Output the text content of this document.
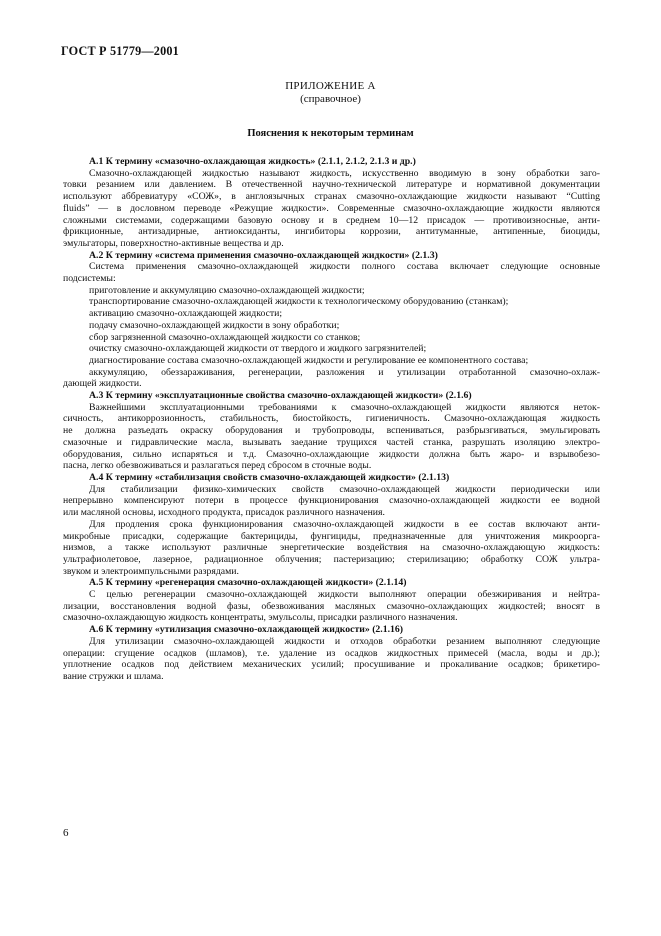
ГОСТ Р 51779—2001
ПРИЛОЖЕНИЕ А
(справочное)
Пояснения к некоторым терминам
А.1 К термину «смазочно-охлаждающая жидкость» (2.1.1, 2.1.2, 2.1.3 и др.)
Смазочно-охлаждающей жидкостью называют жидкость, искусственно вводимую в зону обработки заго-
товки резанием или давлением. В отечественной научно-технической литературе и нормативной документации
используют аббревиатуру «СОЖ», в англоязычных странах смазочно-охлаждающие жидкости называют “Cutting
fluids” — в дословном переводе «Режущие жидкости». Современные смазочно-охлаждающие жидкости являются
сложными системами, содержащими базовую основу и в среднем 10—12 присадок — противоизносные, анти-
фрикционные, антизадирные, антиоксиданты, ингибиторы коррозии, антитуманные, антипенные, биоциды,
эмульгаторы, поверхностно-активные вещества и др.
А.2 К термину «система применения смазочно-охлаждающей жидкости» (2.1.3)
Система применения смазочно-охлаждающей жидкости полного состава включает следующие основные
подсистемы:
приготовление и аккумуляцию смазочно-охлаждающей жидкости;
транспортирование смазочно-охлаждающей жидкости к технологическому оборудованию (станкам);
активацию смазочно-охлаждающей жидкости;
подачу смазочно-охлаждающей жидкости в зону обработки;
сбор загрязненной смазочно-охлаждающей жидкости со станков;
очистку смазочно-охлаждающей жидкости от твердого и жидкого загрязнителей;
диагностирование состава смазочно-охлаждающей жидкости и регулирование ее компонентного состава;
аккумуляцию, обеззараживания, регенерации, разложения и утилизации отработанной смазочно-охлаж-
дающей жидкости.
А.3 К термину «эксплуатационные свойства смазочно-охлаждающей жидкости» (2.1.6)
Важнейшими эксплуатационными требованиями к смазочно-охлаждающей жидкости являются неток-
сичность, антикоррозионность, стабильность, биостойкость, гигиеничность. Смазочно-охлаждающая жидкость
не должна разъедать окраску оборудования и трубопроводы, вспениваться, разбрызгиваться, эмульгировать
смазочные и гидравлические масла, вызывать заедание трущихся частей станка, разрушать изоляцию электро-
оборудования, сильно испаряться и т.д. Смазочно-охлаждающие жидкости должна быть жаро- и взрывобезо-
пасна, легко обезвоживаться и разлагаться перед сбросом в сточные воды.
А.4 К термину «стабилизация свойств смазочно-охлаждающей жидкости» (2.1.13)
Для стабилизации физико-химических свойств смазочно-охлаждающей жидкости периодически или
непрерывно компенсируют потери в процессе функционирования смазочно-охлаждающей жидкости ее водной
или масляной основы, исходного продукта, присадок различного назначения.
Для продления срока функционирования смазочно-охлаждающей жидкости в ее состав включают анти-
микробные присадки, содержащие бактерициды, фунгициды, предназначенные для уничтожения микроорга-
низмов, а также используют различные энергетические воздействия на смазочно-охлаждающую жидкость:
ультрафиолетовое, лазерное, радиационное облучения; пастеризацию; стерилизацию; обработку СОЖ ультра-
звуком и электроимпульсными разрядами.
А.5 К термину «регенерация смазочно-охлаждающей жидкости» (2.1.14)
С целью регенерации смазочно-охлаждающей жидкости выполняют операции обезжиривания и нейтра-
лизации, восстановления водной фазы, обезвоживания масляных смазочно-охлаждающих жидкостей; вносят в
смазочно-охлаждающую жидкость концентраты, эмульсолы, присадки различного назначения.
А.6 К термину «утилизация смазочно-охлаждающей жидкости» (2.1.16)
Для утилизации смазочно-охлаждающей жидкости и отходов обработки резанием выполняют следующие
операции: сгущение осадков (шламов), т.е. удаление из осадков жидкостных примесей (масла, воды и др.);
уплотнение осадков под действием механических усилий; просушивание и прокаливание осадков; брикетиро-
вание стружки и шлама.
6
